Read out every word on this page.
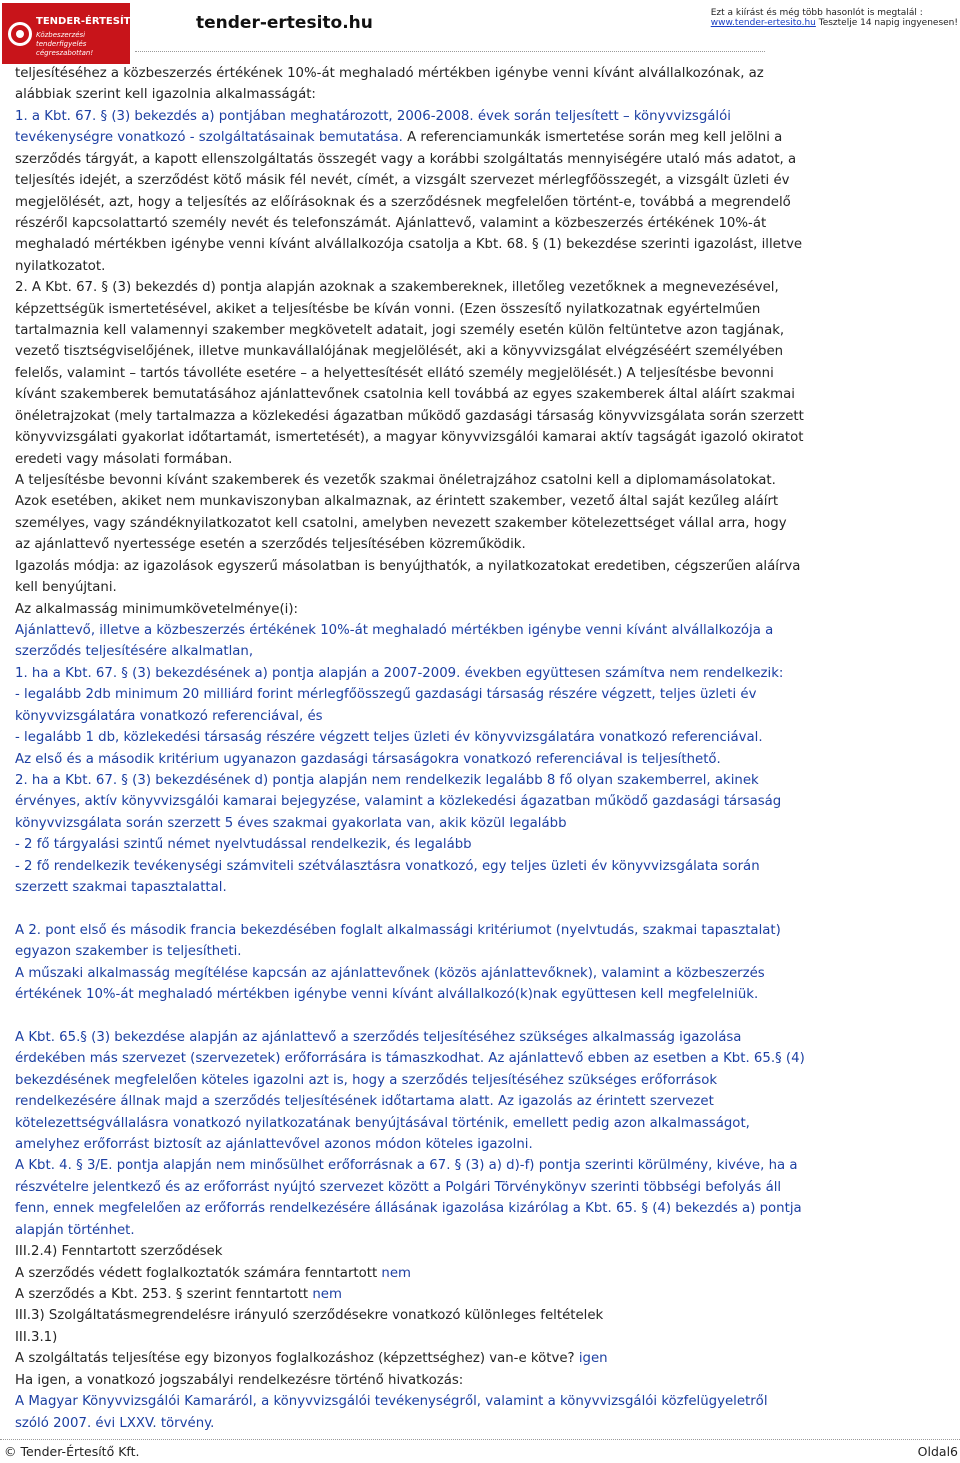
TENDER-ÉRTESÍTŐ.hu
Közbeszerzési tenderfigyelés cégreszabottan!
tender-ertesito.hu	Ezt a kiírást és még több hasonlót is megtalál :
www.tender-ertesito.hu Tesztelje 14 napig ingyenesen!

teljesítéséhez a közbeszerzés értékének 10%-át meghaladó mértékben igénybe venni kívánt alvállalkozónak, az alábbiak szerint kell igazolnia alkalmasságát:

1. a Kbt. 67. § (3) bekezdés a) pontjában meghatározott, 2006-2008. évek során teljesített – könyvvizsgálói tevékenységre vonatkozó - szolgáltatásainak bemutatása. A referenciamunkák ismertetése során meg kell jelölni a szerződés tárgyát, a kapott ellenszolgáltatás összegét vagy a korábbi szolgáltatás mennyiségére utaló más adatot, a teljesítés idejét, a szerződést kötő másik fél nevét, címét, a vizsgált szervezet mérlegfőösszegét, a vizsgált üzleti év megjelölését, azt, hogy a teljesítés az előírásoknak és a szerződésnek megfelelően történt-e, továbbá a megrendelő részéről kapcsolattartó személy nevét és telefonszámát. Ajánlattevő, valamint a közbeszerzés értékének 10%-át meghaladó mértékben igénybe venni kívánt alvállalkozója csatolja a Kbt. 68. § (1) bekezdése szerinti igazolást, illetve nyilatkozatot.

2. A Kbt. 67. § (3) bekezdés d) pontja alapján azoknak a szakembereknek, illetőleg vezetőknek a megnevezésével, képzettségük ismertetésével, akiket a teljesítésbe be kíván vonni. (Ezen összesítő nyilatkozatnak egyértelműen tartalmaznia kell valamennyi szakember megkövetelt adatait, jogi személy esetén külön feltüntetve azon tagjának, vezető tisztségviselőjének, illetve munkavállalójának megjelölését, aki a könyvvizsgálat elvégzéséért személyében felelős, valamint – tartós távolléte esetére – a helyettesítését ellátó személy megjelölését.) A teljesítésbe bevonni kívánt szakemberek bemutatásához ajánlattevőnek csatolnia kell továbbá az egyes szakemberek által aláírt szakmai önéletrajzokat (mely tartalmazza a közlekedési ágazatban működő gazdasági társaság könyvvizsgálata során szerzett könyvvizsgálati gyakorlat időtartamát, ismertetését), a magyar könyvvizsgálói kamarai aktív tagságát igazoló okiratot eredeti vagy másolati formában.

A teljesítésbe bevonni kívánt szakemberek és vezetők szakmai önéletrajzához csatolni kell a diplomamásolatokat. Azok esetében, akiket nem munkaviszonyban alkalmaznak, az érintett szakember, vezető által saját kezűleg aláírt személyes, vagy szándéknyilatkozatot kell csatolni, amelyben nevezett szakember kötelezettséget vállal arra, hogy az ajánlattevő nyertessége esetén a szerződés teljesítésében közreműködik.

Igazolás módja: az igazolások egyszerű másolatban is benyújthatók, a nyilatkozatokat eredetiben, cégszerűen aláírva kell benyújtani.

Az alkalmasság minimumkövetelménye(i):

Ajánlattevő, illetve a közbeszerzés értékének 10%-át meghaladó mértékben igénybe venni kívánt alvállalkozója a szerződés teljesítésére alkalmatlan,

1. ha a Kbt. 67. § (3) bekezdésének a) pontja alapján a 2007-2009. években együttesen számítva nem rendelkezik:

- legalább 2db minimum 20 milliárd forint mérlegfőösszegű gazdasági társaság részére végzett, teljes üzleti év könyvvizsgálatára vonatkozó referenciával, és

- legalább 1 db, közlekedési társaság részére végzett teljes üzleti év könyvvizsgálatára vonatkozó referenciával.

Az első és a második kritérium ugyanazon gazdasági társaságokra vonatkozó referenciával is teljesíthető.

2. ha a Kbt. 67. § (3) bekezdésének d) pontja alapján nem rendelkezik legalább 8 fő olyan szakemberrel, akinek érvényes, aktív könyvvizsgálói kamarai bejegyzése, valamint a közlekedési ágazatban működő gazdasági társaság könyvvizsgálata során szerzett 5 éves szakmai gyakorlata van, akik közül legalább

- 2 fő tárgyalási szintű német nyelvtudással rendelkezik, és legalább

- 2 fő rendelkezik tevékenységi számviteli szétválasztásra vonatkozó, egy teljes üzleti év könyvvizsgálata során szerzett szakmai tapasztalattal.

A 2. pont első és második francia bekezdésében foglalt alkalmassági kritériumot (nyelvtudás, szakmai tapasztalat) egyazon szakember is teljesítheti.

A műszaki alkalmasság megítélése kapcsán az ajánlattevőnek (közös ajánlattevőknek), valamint a közbeszerzés értékének 10%-át meghaladó mértékben igénybe venni kívánt alvállalkozó(k)nak együttesen kell megfelelniük.

A Kbt. 65.§ (3) bekezdése alapján az ajánlattevő a szerződés teljesítéséhez szükséges alkalmasság igazolása érdekében más szervezet (szervezetek) erőforrására is támaszkodhat. Az ajánlattevő ebben az esetben a Kbt. 65.§ (4) bekezdésének megfelelően köteles igazolni azt is, hogy a szerződés teljesítéséhez szükséges erőforrások rendelkezésére állnak majd a szerződés teljesítésének időtartama alatt. Az igazolás az érintett szervezet kötelezettségvállalásra vonatkozó nyilatkozatának benyújtásával történik, emellett pedig azon alkalmasságot, amelyhez erőforrást biztosít az ajánlattevővel azonos módon köteles igazolni.

A Kbt. 4. § 3/E. pontja alapján nem minősülhet erőforrásnak a 67. § (3) a) d)-f) pontja szerinti körülmény, kivéve, ha a részvételre jelentkező és az erőforrást nyújtó szervezet között a Polgári Törvénykönyv szerinti többségi befolyás áll fenn, ennek megfelelően az erőforrás rendelkezésére állásának igazolása kizárólag a Kbt. 65. § (4) bekezdés a) pontja alapján történhet.

III.2.4) Fenntartott szerződések

A szerződés védett foglalkoztatók számára fenntartott nem

A szerződés a Kbt. 253. § szerint fenntartott nem

III.3) Szolgáltatásmegrendelésre irányuló szerződésekre vonatkozó különleges feltételek

III.3.1)

A szolgáltatás teljesítése egy bizonyos foglalkozáshoz (képzettséghez) van-e kötve? igen

Ha igen, a vonatkozó jogszabályi rendelkezésre történő hivatkozás:

A Magyar Könyvvizsgálói Kamaráról, a könyvvizsgálói tevékenységről, valamint a könyvvizsgálói közfelügyeletről szóló 2007. évi LXXV. törvény.

© Tender-Értesítő Kft.	Oldal6
